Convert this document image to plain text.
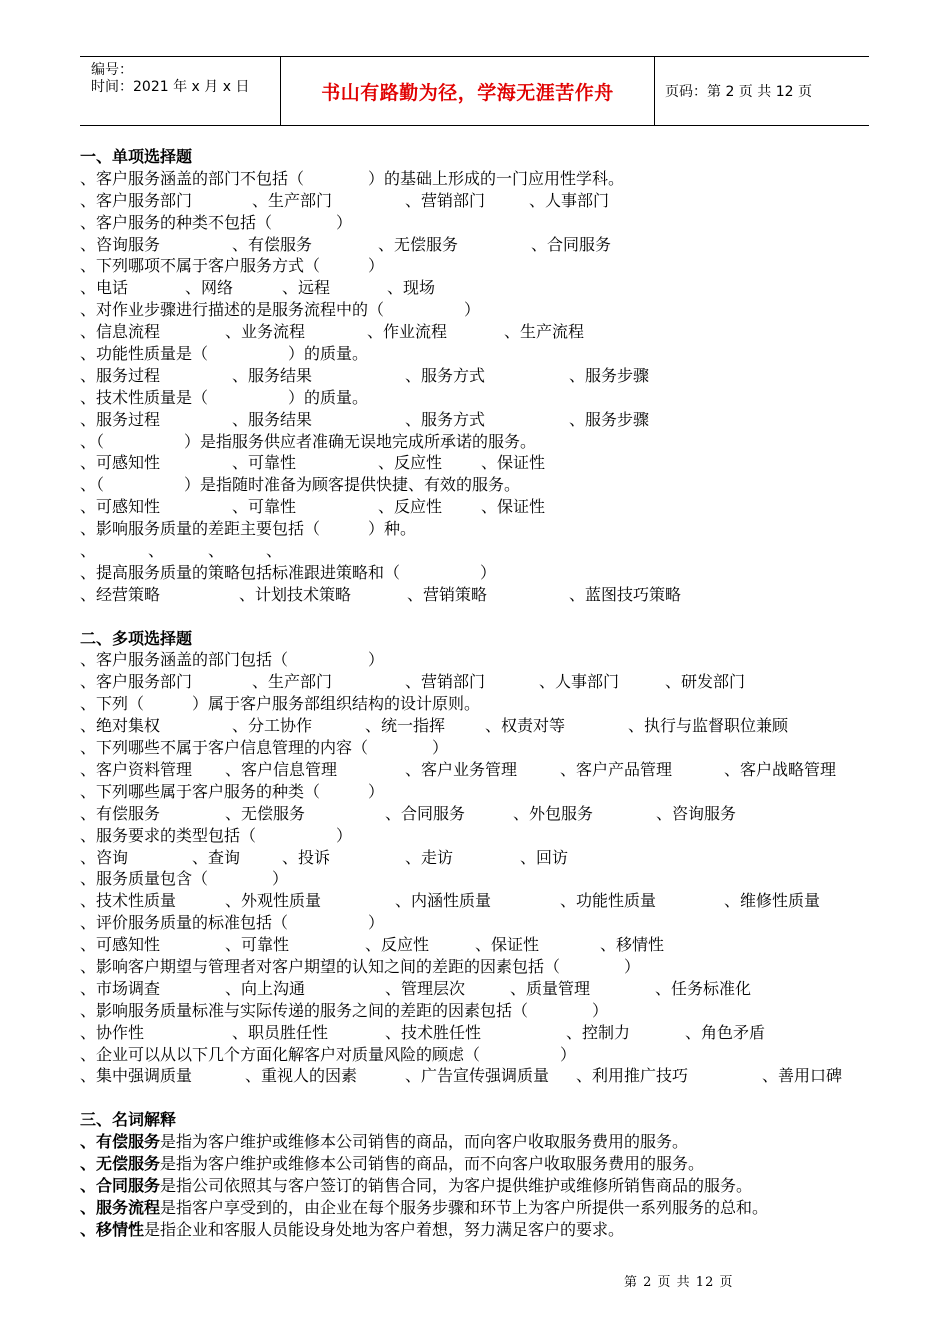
编号：
时间：2021 年 x 月 x 日	书山有路勤为径，学海无涯苦作舟	页码：第 2 页 共 12 页
一、单项选择题
、客户服务涵盖的部门不包括（　　　　）的基础上形成的一门应用性学科。
、客户服务部门	、生产部门	、营销部门	、人事部门
、客户服务的种类不包括（　　　　）
、咨询服务	、有偿服务	、无偿服务	、合同服务
、下列哪项不属于客户服务方式（　　　）
、电话	、网络	、远程	、现场
、对作业步骤进行描述的是服务流程中的（　　　　　）
、信息流程	、业务流程	、作业流程	、生产流程
、功能性质量是（　　　　　）的质量。
、服务过程	、服务结果	、服务方式	、服务步骤
、技术性质量是（　　　　　）的质量。
、服务过程	、服务结果	、服务方式	、服务步骤
、（　　　　　）是指服务供应者准确无误地完成所承诺的服务。
、可感知性	、可靠性	、反应性 、保证性
、（　　　　　）是指随时准备为顾客提供快捷、有效的服务。
、可感知性	、可靠性	、反应性 、保证性
、影响服务质量的差距主要包括（　　　）种。
、	、	、	、
、提高服务质量的策略包括标准跟进策略和（　　　　　）
、经营策略	、计划技术策略	、营销策略	、蓝图技巧策略
二、多项选择题
、客户服务涵盖的部门包括（　　　　　）
、客户服务部门	、生产部门	、营销部门	、人事部门	、研发部门
、下列（　　　）属于客户服务部组织结构的设计原则。
、绝对集权	、分工协作	、统一指挥 、权责对等	、执行与监督职位兼顾
、下列哪些不属于客户信息管理的内容（　　　　）
、客户资料管理 、客户信息管理	、客户业务管理	、客户产品管理	、客户战略管理
、下列哪些属于客户服务的种类（　　　）
、有偿服务	、无偿服务	、合同服务	、外包服务	、咨询服务
、服务要求的类型包括（　　　　　）
、咨询	、查询	、投诉	、走访	、回访
、服务质量包含（　　　　）
、技术性质量	、外观性质量	、内涵性质量	、功能性质量	、维修性质量
、评价服务质量的标准包括（　　　　　）
、可感知性	、可靠性	、反应性	、保证性	、移情性
、影响客户期望与管理者对客户期望的认知之间的差距的因素包括（　　　　）
、市场调查	、向上沟通	、管理层次	、质量管理	、任务标准化
、影响服务质量标准与实际传递的服务之间的差距的因素包括（　　　　）
、协作性	、职员胜任性	、技术胜任性	、控制力	、角色矛盾
、企业可以从以下几个方面化解客户对质量风险的顾虑（　　　　　）
、集中强调质量	、重视人的因素	、广告宣传强调质量 、利用推广技巧	、善用口碑
三、名词解释
、有偿服务是指为客户维护或维修本公司销售的商品，而向客户收取服务费用的服务。
、无偿服务是指为客户维护或维修本公司销售的商品，而不向客户收取服务费用的服务。
、合同服务是指公司依照其与客户签订的销售合同，为客户提供维护或维修所销售商品的服务。
、服务流程是指客户享受到的，由企业在每个服务步骤和环节上为客户所提供一系列服务的总和。
、移情性是指企业和客服人员能设身处地为客户着想，努力满足客户的要求。
第 2 页 共 12 页
